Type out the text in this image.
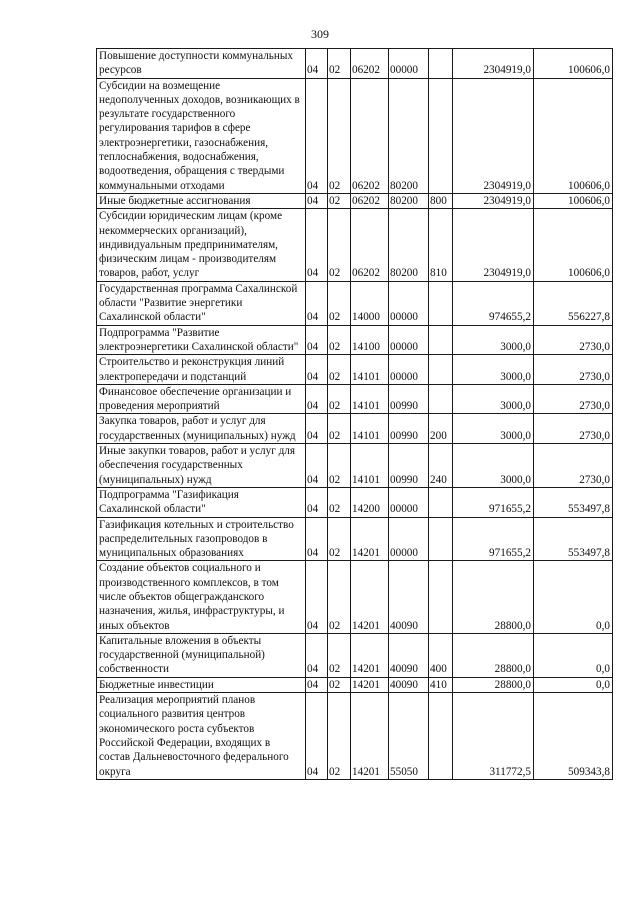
309
Повышение доступности коммунальных ресурсов	04	02	06202	00000		2304919,0	100606,0
Субсидии на возмещение недополученных доходов, возникающих в результате государственного регулирования тарифов в сфере электроэнергетики, газоснабжения, теплоснабжения, водоснабжения, водоотведения, обращения с твердыми коммунальными отходами	04	02	06202	80200		2304919,0	100606,0
Иные бюджетные ассигнования	04	02	06202	80200	800	2304919,0	100606,0
Субсидии юридическим лицам (кроме некоммерческих организаций), индивидуальным предпринимателям, физическим лицам - производителям товаров, работ, услуг	04	02	06202	80200	810	2304919,0	100606,0
Государственная программа Сахалинской области "Развитие энергетики Сахалинской области"	04	02	14000	00000		974655,2	556227,8
Подпрограмма "Развитие электроэнергетики Сахалинской области"	04	02	14100	00000		3000,0	2730,0
Строительство и реконструкция линий электропередачи и подстанций	04	02	14101	00000		3000,0	2730,0
Финансовое обеспечение организации и проведения мероприятий	04	02	14101	00990		3000,0	2730,0
Закупка товаров, работ и услуг для государственных (муниципальных) нужд	04	02	14101	00990	200	3000,0	2730,0
Иные закупки товаров, работ и услуг для обеспечения государственных (муниципальных) нужд	04	02	14101	00990	240	3000,0	2730,0
Подпрограмма "Газификация Сахалинской области"	04	02	14200	00000		971655,2	553497,8
Газификация котельных и строительство распределительных газопроводов в муниципальных образованиях	04	02	14201	00000		971655,2	553497,8
Создание объектов социального и производственного комплексов, в том числе объектов общегражданского назначения, жилья, инфраструктуры, и иных объектов	04	02	14201	40090		28800,0	0,0
Капитальные вложения в объекты государственной (муниципальной) собственности	04	02	14201	40090	400	28800,0	0,0
Бюджетные инвестиции	04	02	14201	40090	410	28800,0	0,0
Реализация мероприятий планов социального развития центров экономического роста субъектов Российской Федерации, входящих в состав Дальневосточного федерального округа	04	02	14201	55050		311772,5	509343,8
